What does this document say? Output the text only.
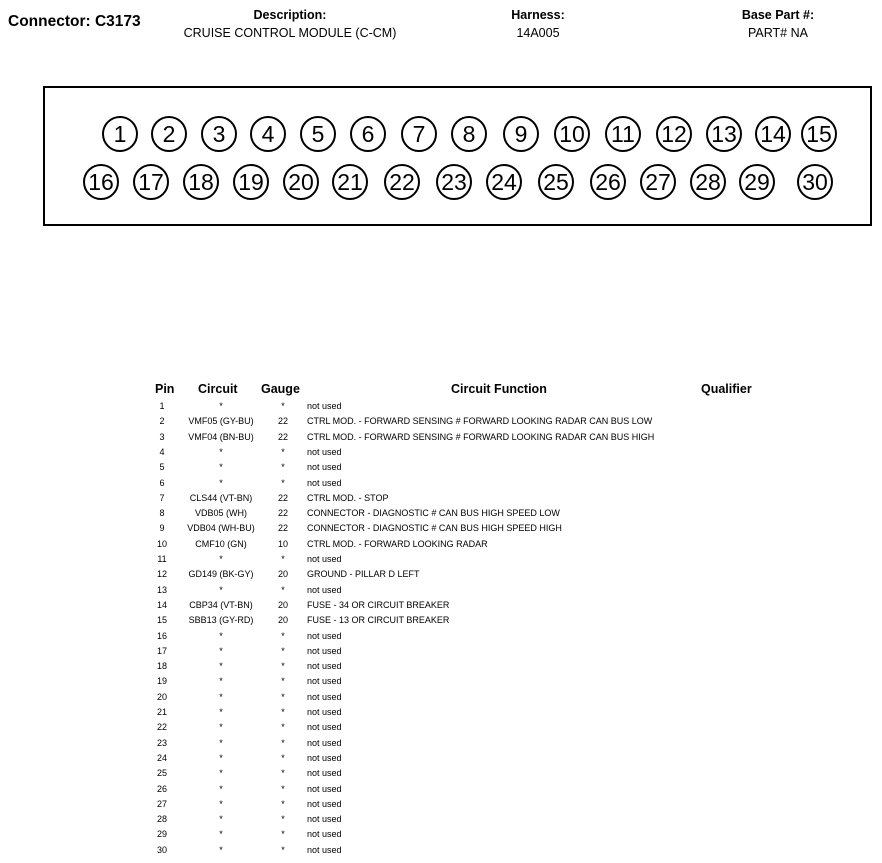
Connector: C3173	Description:
CRUISE CONTROL MODULE (C-CM)
Harness:
14A005
Base Part #:
PART# NA
1	2	3	4	5	6	7	8	9	10 11 12 13 14 15
16 17 18 19 20 21 22 23 24 25 26 27 28 29 30
Pin Circuit Gauge	Circuit Function	Qualifier
1	*	*	not used
2	VMF05 (GY-BU)	22	CTRL MOD. - FORWARD SENSING # FORWARD LOOKING RADAR CAN BUS LOW
3	VMF04 (BN-BU)	22	CTRL MOD. - FORWARD SENSING # FORWARD LOOKING RADAR CAN BUS HIGH
4	*	*	not used
5	*	*	not used
6	*	*	not used
7	CLS44 (VT-BN)	22	CTRL MOD. - STOP
8	VDB05 (WH)	22	CONNECTOR - DIAGNOSTIC # CAN BUS HIGH SPEED LOW
9	VDB04 (WH-BU)	22	CONNECTOR - DIAGNOSTIC # CAN BUS HIGH SPEED HIGH
10	CMF10 (GN)	10	CTRL MOD. - FORWARD LOOKING RADAR
11	*	*	not used
12	GD149 (BK-GY)	20	GROUND - PILLAR D LEFT
13	*	*	not used
14	CBP34 (VT-BN)	20	FUSE - 34 OR CIRCUIT BREAKER
15	SBB13 (GY-RD)	20	FUSE - 13 OR CIRCUIT BREAKER
16	*	*	not used
17	*	*	not used
18	*	*	not used
19	*	*	not used
20	*	*	not used
21	*	*	not used
22	*	*	not used
23	*	*	not used
24	*	*	not used
25	*	*	not used
26	*	*	not used
27	*	*	not used
28	*	*	not used
29	*	*	not used
30	*	*	not used
